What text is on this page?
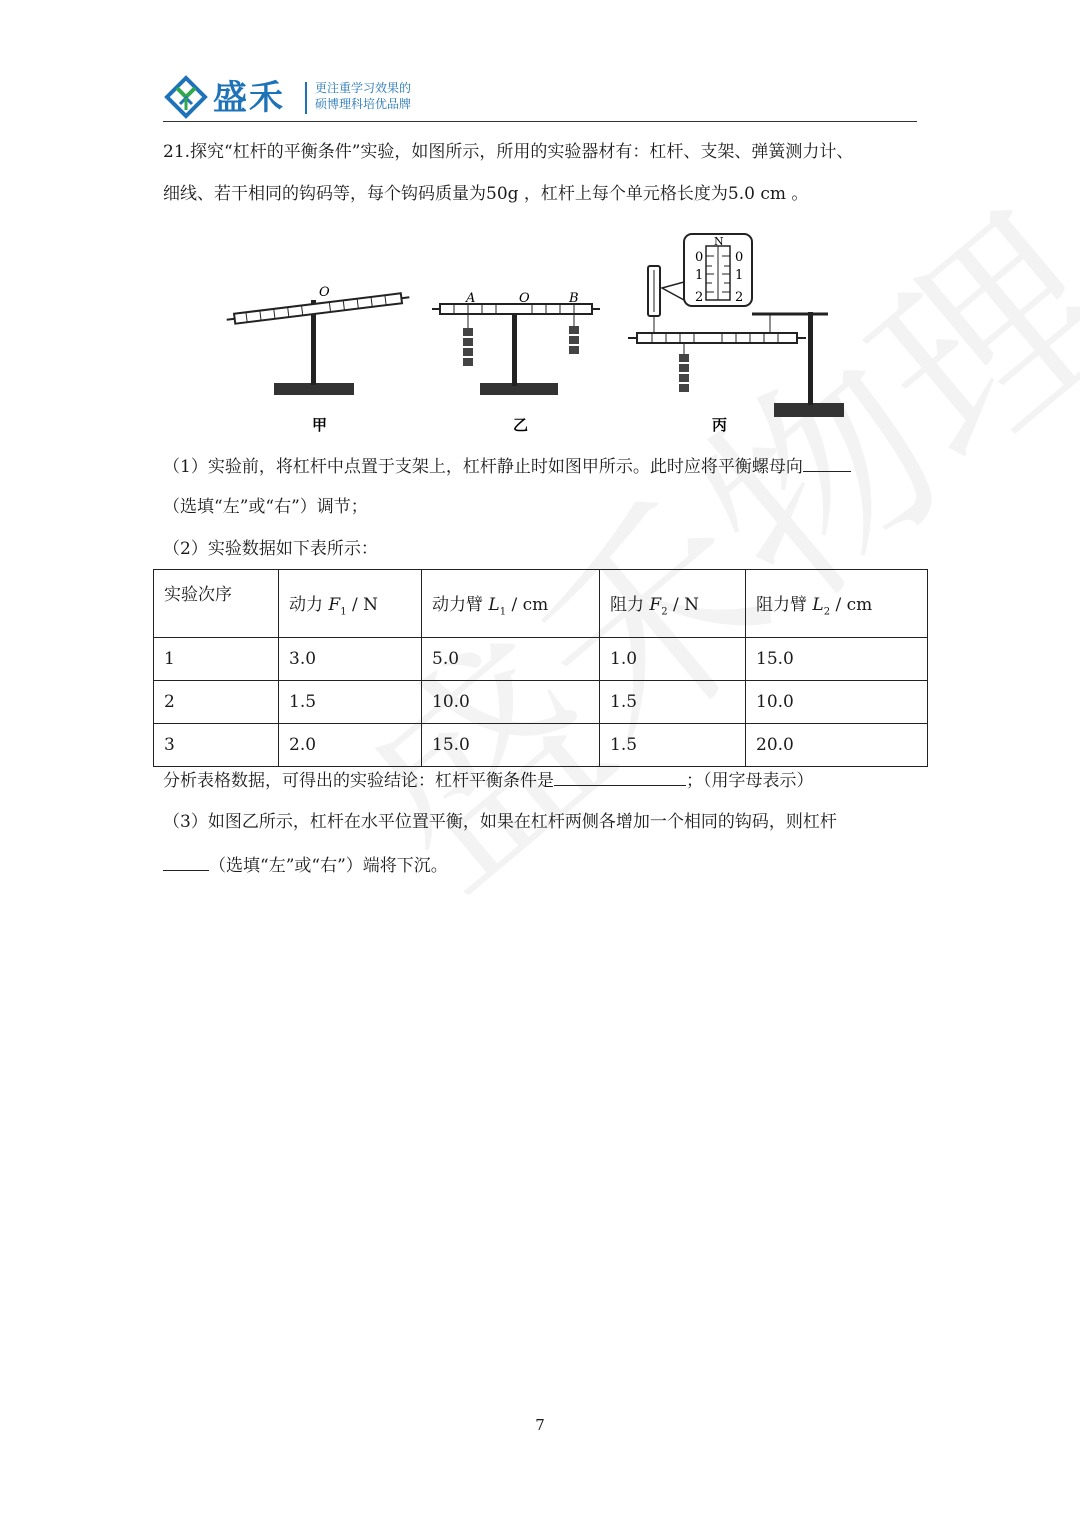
盛禾	更注重学习效果的
硕博理科培优品牌
21.探究“杠杆的平衡条件”实验，如图所示，所用的实验器材有：杠杆、支架、弹簧测力计、
细线、若干相同的钩码等，每个钩码质量为50g ，杠杆上每个单元格长度为5.0 cm 。
O
甲
A	O	B
乙
N
0
1
2
0
1
2
丙
（1）实验前，将杠杆中点置于支架上，杠杆静止时如图甲所示。此时应将平衡螺母向
（选填“左”或“右”）调节；
（2）实验数据如下表所示：
实验次序	动力 $F_1$ / N	动力臂 $L_1$ / cm	阻力 $F_2$ / N	阻力臂 $L_2$ / cm
1	3.0	5.0	1.0	15.0
2	1.5	10.0	1.5	10.0
3	2.0	15.0	1.5	20.0
分析表格数据，可得出的实验结论：杠杆平衡条件是	；（用字母表示）
（3）如图乙所示，杠杆在水平位置平衡，如果在杠杆两侧各增加一个相同的钩码，则杠杆
（选填“左”或“右”）端将下沉。
7
